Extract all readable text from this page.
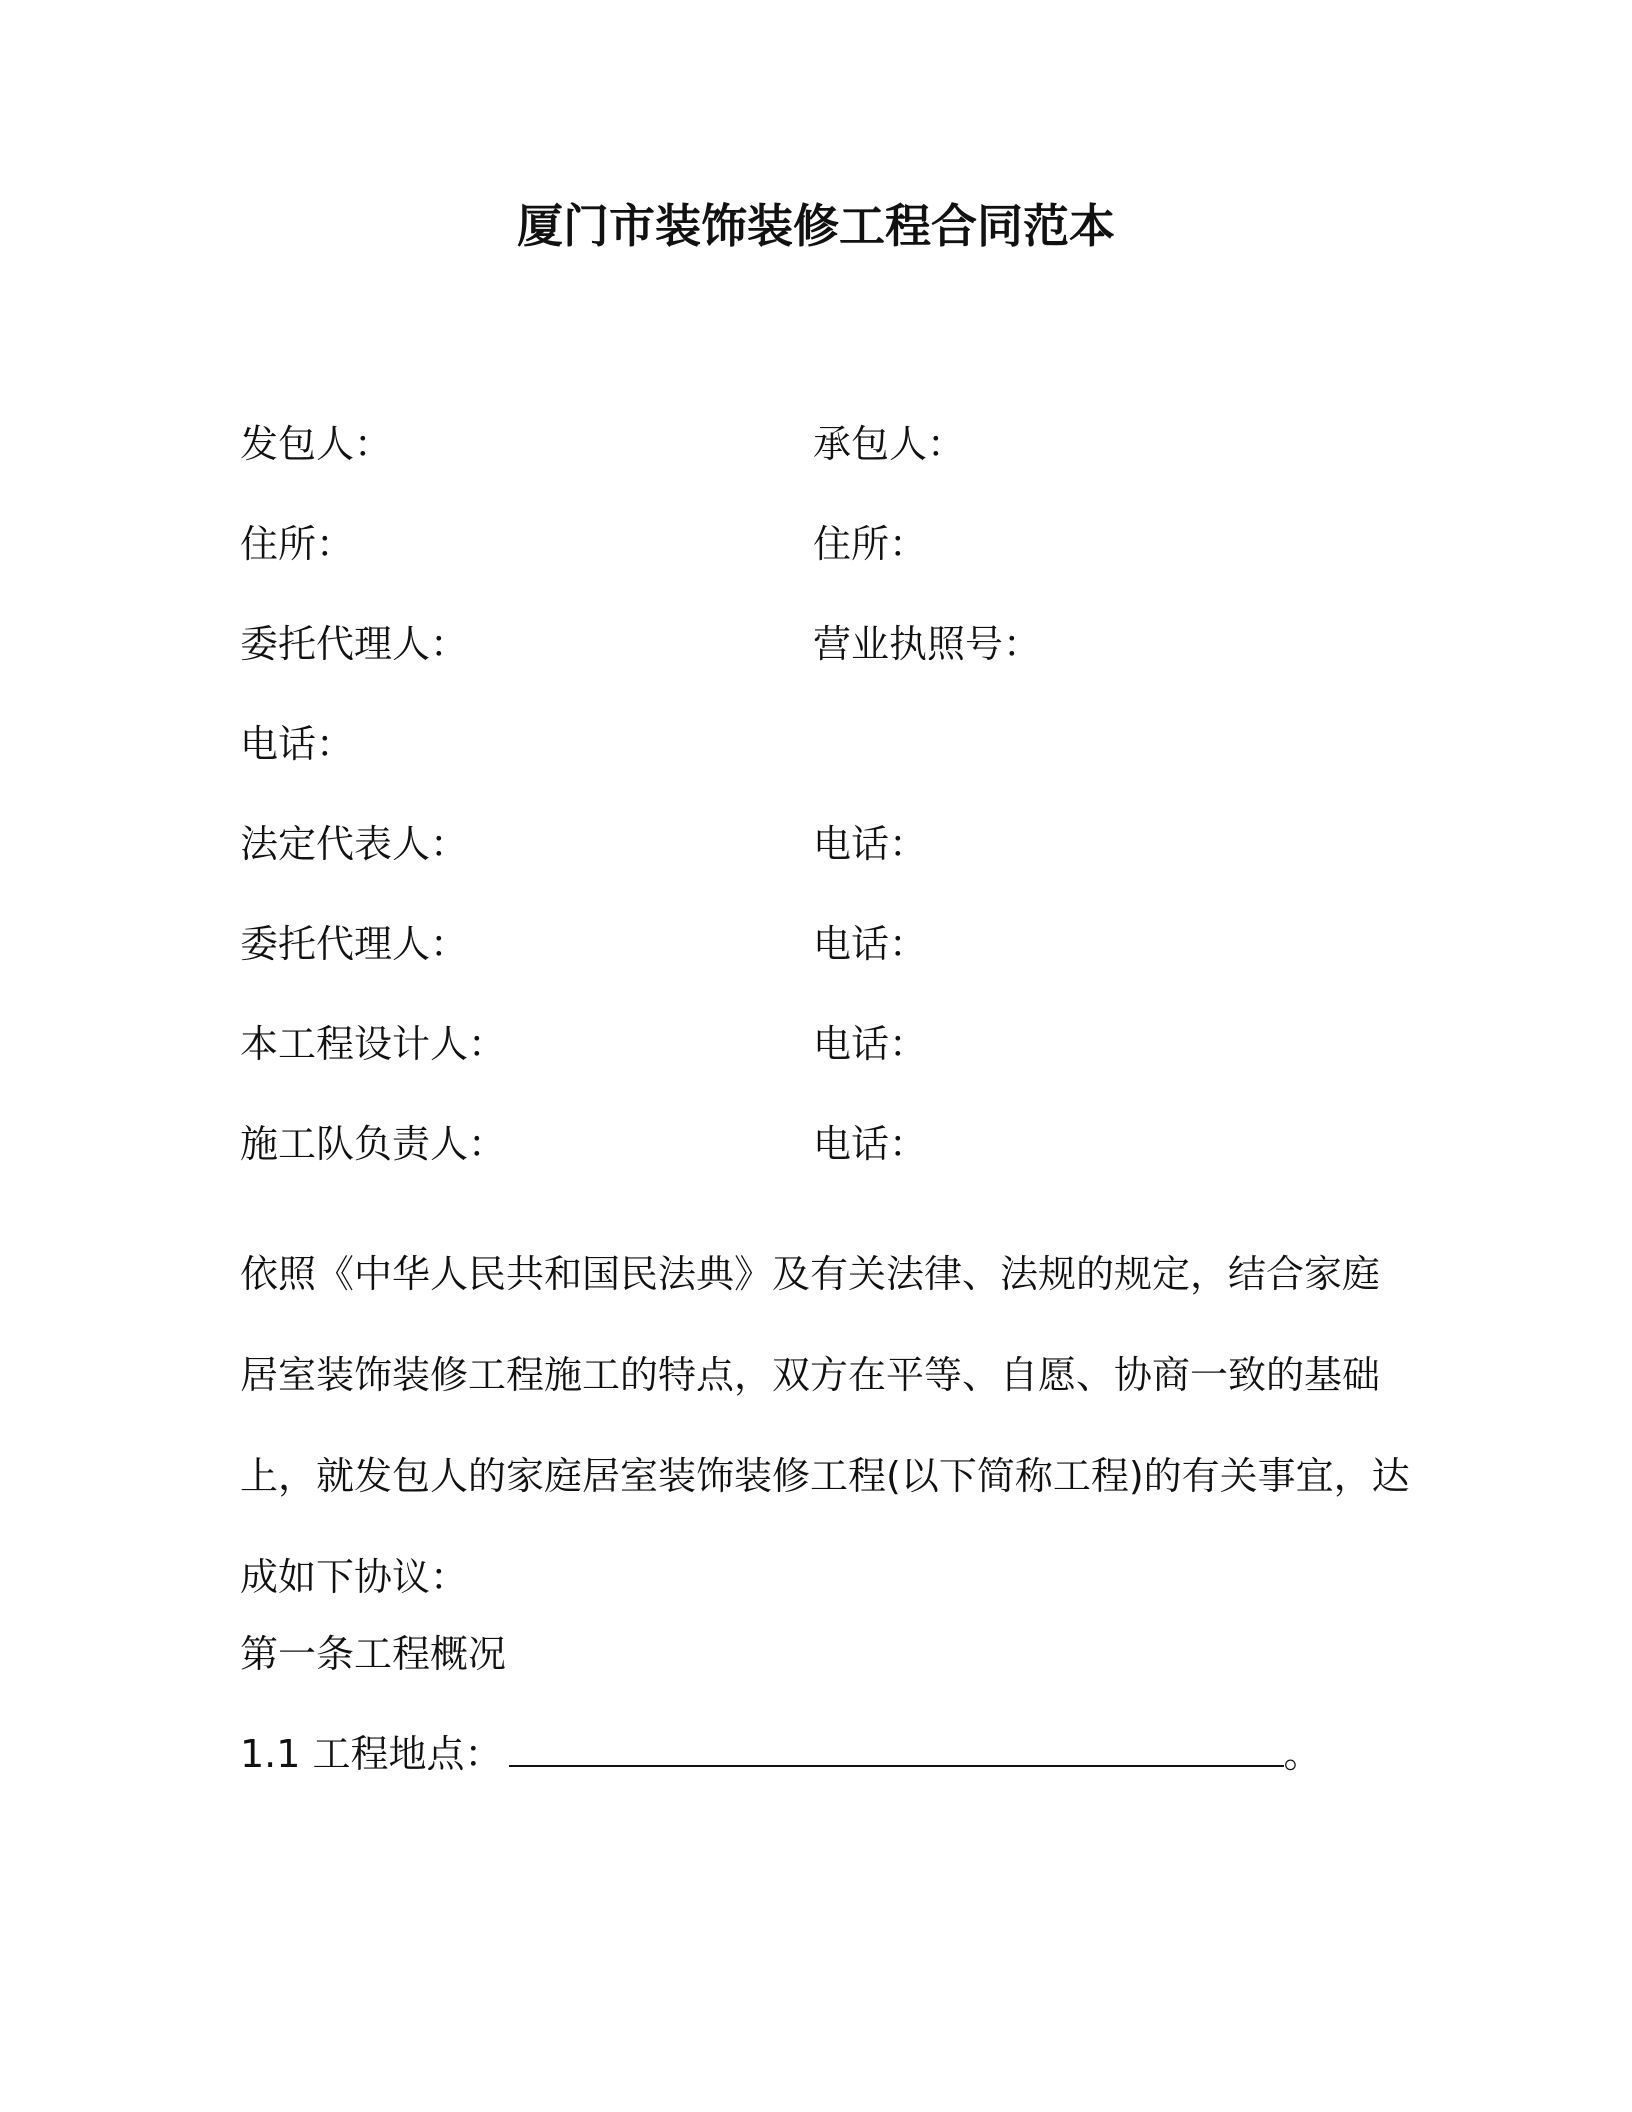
厦门市装饰装修工程合同范本
发包人：	承包人：
住所：	住所：
委托代理人：	营业执照号：
电话：
法定代表人：	电话：
委托代理人：	电话：
本工程设计人：	电话：
施工队负责人：	电话：
依照《中华人民共和国民法典》及有关法律、法规的规定，结合家庭
居室装饰装修工程施工的特点，双方在平等、自愿、协商一致的基础
上，就发包人的家庭居室装饰装修工程(以下简称工程)的有关事宜，达
成如下协议：
第一条工程概况
1.1 工程地点：	。
